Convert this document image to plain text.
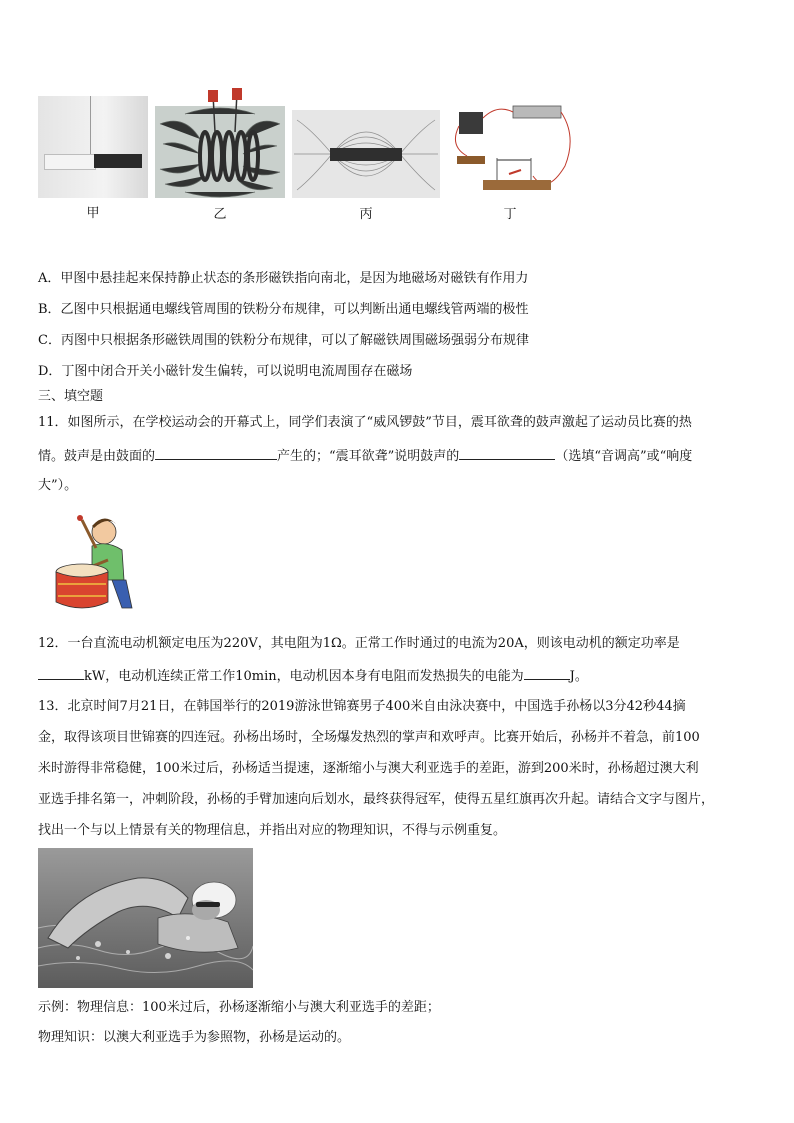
甲	乙	丙	丁
A．甲图中悬挂起来保持静止状态的条形磁铁指向南北，是因为地磁场对磁铁有作用力
B．乙图中只根据通电螺线管周围的铁粉分布规律，可以判断出通电螺线管两端的极性
C．丙图中只根据条形磁铁周围的铁粉分布规律，可以了解磁铁周围磁场强弱分布规律
D．丁图中闭合开关小磁针发生偏转，可以说明电流周围存在磁场
三、填空题
11．如图所示，在学校运动会的开幕式上，同学们表演了“威风锣鼓”节目，震耳欲聋的鼓声激起了运动员比赛的热
情。鼓声是由鼓面的	产生的；“震耳欲聋”说明鼓声的	（选填“音调高”或“响度
大”）。
12．一台直流电动机额定电压为220V，其电阻为1Ω。正常工作时通过的电流为20A，则该电动机的额定功率是
kW，电动机连续正常工作10min，电动机因本身有电阻而发热损失的电能为	J。
13．北京时间7月21日，在韩国举行的2019游泳世锦赛男子400米自由泳决赛中，中国选手孙杨以3分42秒44摘
金，取得该项目世锦赛的四连冠。孙杨出场时，全场爆发热烈的掌声和欢呼声。比赛开始后，孙杨并不着急，前100
米时游得非常稳健，100米过后，孙杨适当提速，逐渐缩小与澳大利亚选手的差距，游到200米时，孙杨超过澳大利
亚选手排名第一，冲刺阶段，孙杨的手臂加速向后划水，最终获得冠军，使得五星红旗再次升起。请结合文字与图片，
找出一个与以上情景有关的物理信息，并指出对应的物理知识，不得与示例重复。
示例：物理信息：100米过后，孙杨逐渐缩小与澳大利亚选手的差距；
物理知识：以澳大利亚选手为参照物，孙杨是运动的。
